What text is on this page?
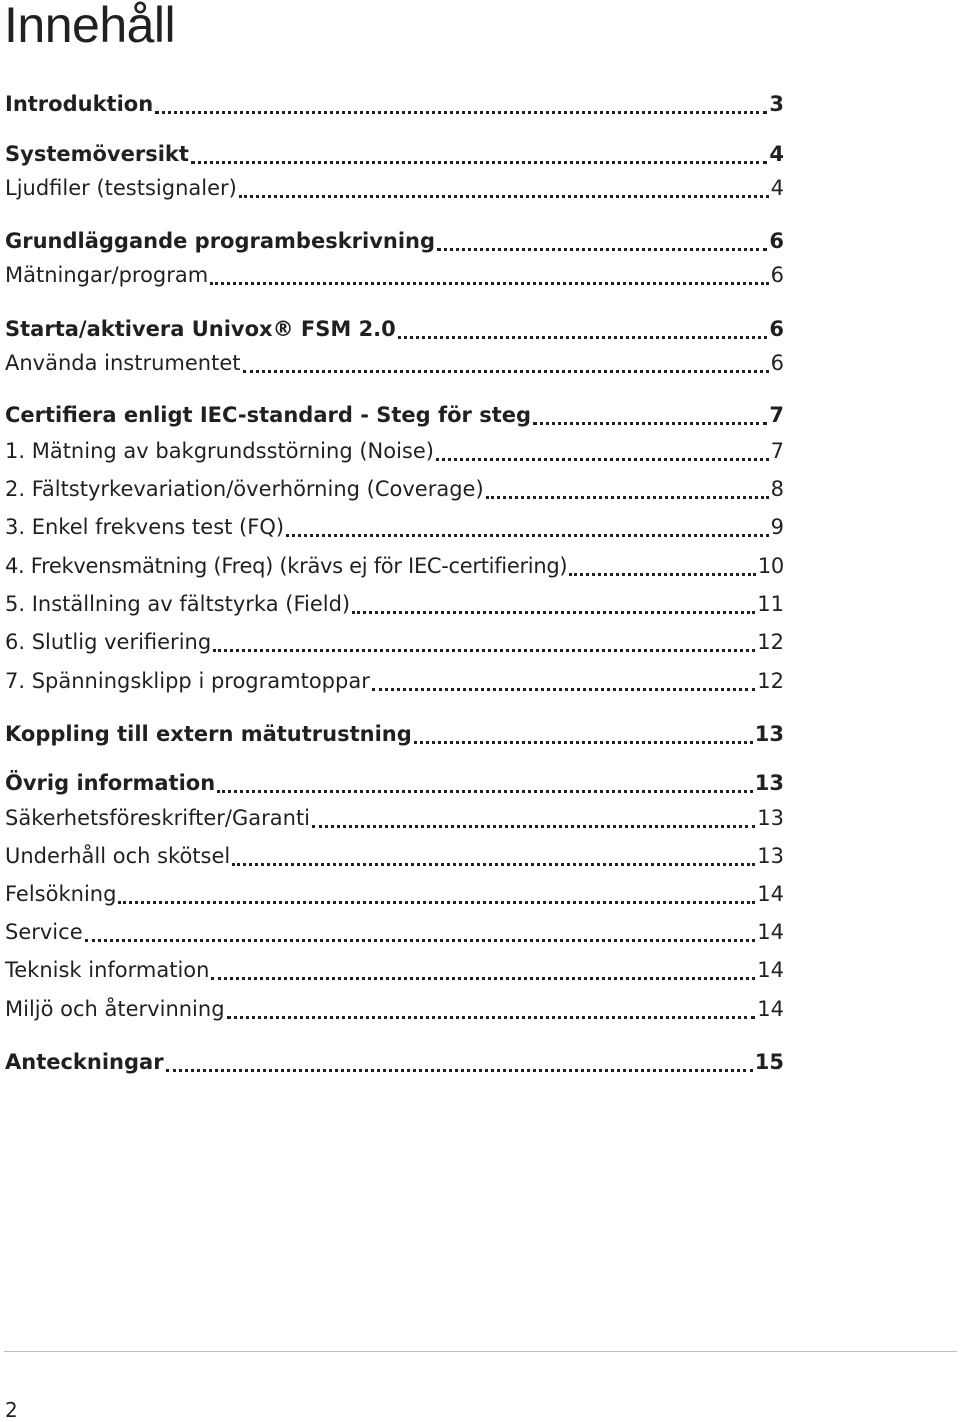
Innehåll
Introduktion	3
Systemöversikt	4
Ljudfiler (testsignaler)	4
Grundläggande programbeskrivning	6
Mätningar/program	6
Starta/aktivera Univox® FSM 2.0	6
Använda instrumentet	6
Certifiera enligt IEC-standard - Steg för steg	7
1. Mätning av bakgrundsstörning (Noise)	7
2. Fältstyrkevariation/överhörning (Coverage)	8
3. Enkel frekvens test (FQ)	9
4. Frekvensmätning (Freq) (krävs ej för IEC-certifiering)	10
5. Inställning av fältstyrka (Field)	11
6. Slutlig verifiering	12
7. Spänningsklipp i programtoppar	12
Koppling till extern mätutrustning	13
Övrig information	13
Säkerhetsföreskrifter/Garanti	13
Underhåll och skötsel	13
Felsökning	14
Service	14
Teknisk information	14
Miljö och återvinning	14
Anteckningar	15
2
